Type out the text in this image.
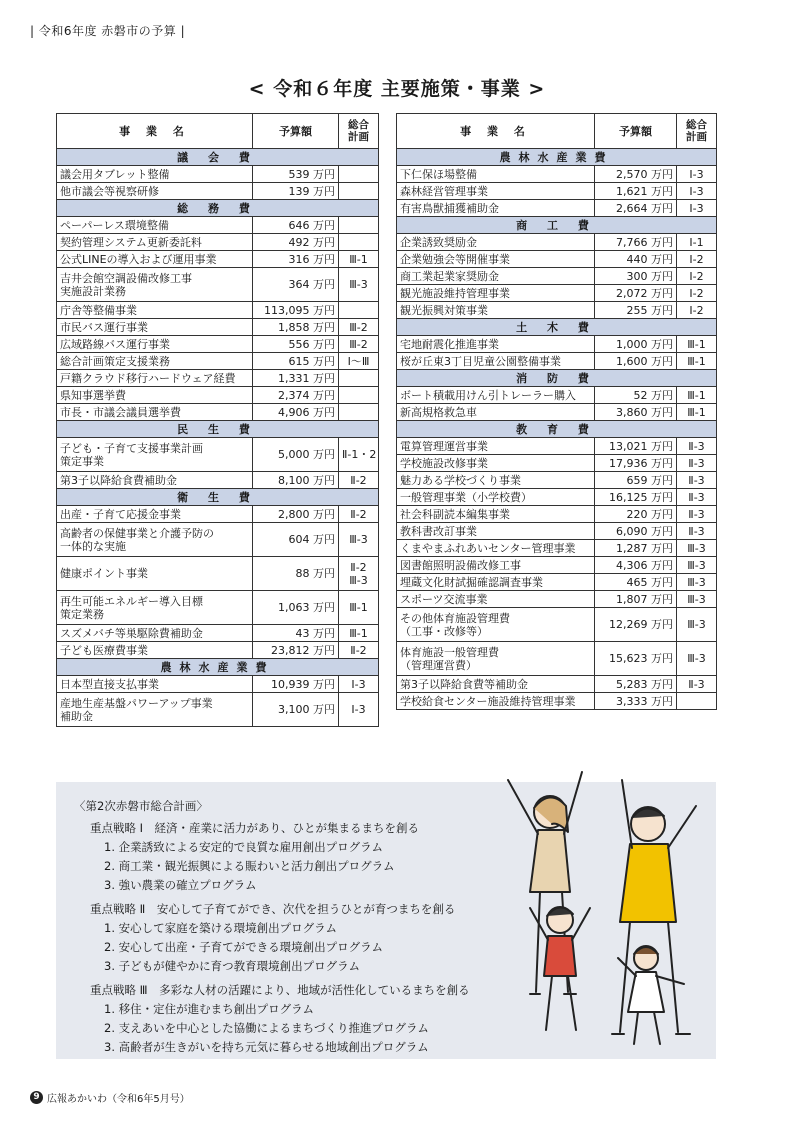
| 令和6年度 赤磐市の予算 |
< 令和６年度 主要施策・事業 >
事 業 名	予算額	総合
計画
議 会 費		
議会用タブレット整備	539 万円	
他市議会等視察研修	139 万円	
総 務 費		
ペーパーレス環境整備	646 万円	
契約管理システム更新委託料	492 万円	
公式LINEの導入および運用事業	316 万円	Ⅲ-1
吉井会館空調設備改修工事
実施設計業務	364 万円	Ⅲ-3
庁舎等整備事業	113,095 万円	
市民バス運行事業	1,858 万円	Ⅲ-2
広域路線バス運行事業	556 万円	Ⅲ-2
総合計画策定支援業務	615 万円	Ⅰ〜Ⅲ
戸籍クラウド移行ハードウェア経費	1,331 万円	
県知事選挙費	2,374 万円	
市長・市議会議員選挙費	4,906 万円	
民 生 費		
子ども・子育て支援事業計画
策定事業	5,000 万円	Ⅱ-1・2
第3子以降給食費補助金	8,100 万円	Ⅱ-2
衛 生 費		
出産・子育て応援金事業	2,800 万円	Ⅱ-2
高齢者の保健事業と介護予防の
一体的な実施	604 万円	Ⅲ-3
健康ポイント事業	88 万円	Ⅱ-2
Ⅲ-3
再生可能エネルギー導入目標
策定業務	1,063 万円	Ⅲ-1
スズメバチ等巣駆除費補助金	43 万円	Ⅲ-1
子ども医療費事業	23,812 万円	Ⅱ-2
農林水産業費		
日本型直接支払事業	10,939 万円	Ⅰ-3
産地生産基盤パワーアップ事業
補助金	3,100 万円	Ⅰ-3
事 業 名	予算額	総合
計画
農林水産業費		
下仁保ほ場整備	2,570 万円	Ⅰ-3
森林経営管理事業	1,621 万円	Ⅰ-3
有害鳥獣捕獲補助金	2,664 万円	Ⅰ-3
商 工 費		
企業誘致奨励金	7,766 万円	Ⅰ-1
企業勉強会等開催事業	440 万円	Ⅰ-2
商工業起業家奨励金	300 万円	Ⅰ-2
観光施設維持管理事業	2,072 万円	Ⅰ-2
観光振興対策事業	255 万円	Ⅰ-2
土 木 費		
宅地耐震化推進事業	1,000 万円	Ⅲ-1
桜が丘東3丁目児童公園整備事業	1,600 万円	Ⅲ-1
消 防 費		
ボート積載用けん引トレーラー購入	52 万円	Ⅲ-1
新高規格救急車	3,860 万円	Ⅲ-1
教 育 費		
電算管理運営事業	13,021 万円	Ⅱ-3
学校施設改修事業	17,936 万円	Ⅱ-3
魅力ある学校づくり事業	659 万円	Ⅱ-3
一般管理事業（小学校費）	16,125 万円	Ⅱ-3
社会科副読本編集事業	220 万円	Ⅱ-3
教科書改訂事業	6,090 万円	Ⅱ-3
くまやまふれあいセンター管理事業	1,287 万円	Ⅲ-3
図書館照明設備改修工事	4,306 万円	Ⅲ-3
埋蔵文化財試掘確認調査事業	465 万円	Ⅲ-3
スポーツ交流事業	1,807 万円	Ⅲ-3
その他体育施設管理費
（工事・改修等）	12,269 万円	Ⅲ-3
体育施設一般管理費
（管理運営費）	15,623 万円	Ⅲ-3
第3子以降給食費等補助金	5,283 万円	Ⅱ-3
学校給食センター施設維持管理事業	3,333 万円	
〈第2次赤磐市総合計画〉
重点戦略 Ⅰ　経済・産業に活力があり、ひとが集まるまちを創る
1. 企業誘致による安定的で良質な雇用創出プログラム
2. 商工業・観光振興による賑わいと活力創出プログラム
3. 強い農業の確立プログラム
重点戦略 Ⅱ　安心して子育てができ、次代を担うひとが育つまちを創る
1. 安心して家庭を築ける環境創出プログラム
2. 安心して出産・子育てができる環境創出プログラム
3. 子どもが健やかに育つ教育環境創出プログラム
重点戦略 Ⅲ　多彩な人材の活躍により、地域が活性化しているまちを創る
1. 移住・定住が進むまち創出プログラム
2. 支えあいを中心とした協働によるまちづくり推進プログラム
3. 高齢者が生きがいを持ち元気に暮らせる地域創出プログラム
9 広報あかいわ（令和6年5月号）
